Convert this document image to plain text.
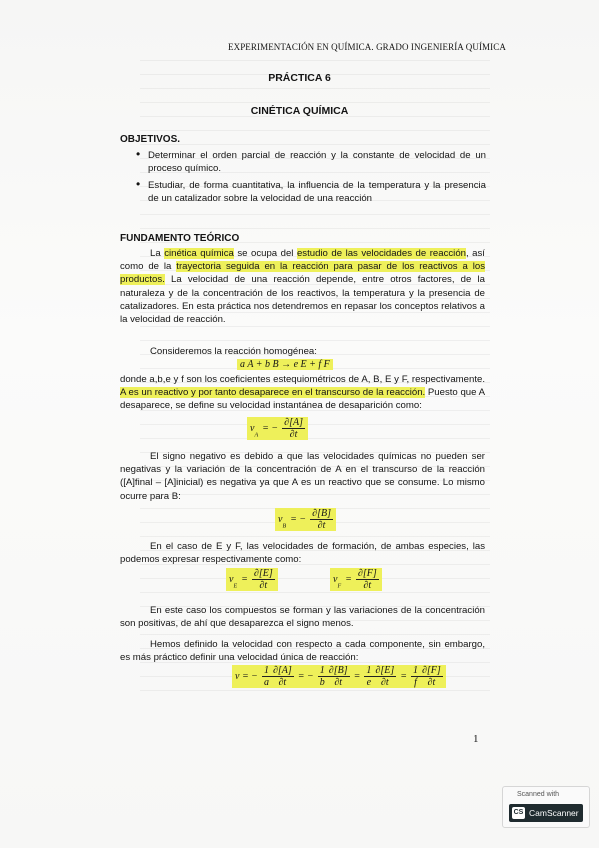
EXPERIMENTACIÓN EN QUÍMICA. GRADO INGENIERÍA QUÍMICA
PRÁCTICA 6
CINÉTICA QUÍMICA
OBJETIVOS.
• Determinar el orden parcial de reacción y la constante de velocidad de un proceso químico.
• Estudiar, de forma cuantitativa, la influencia de la temperatura y la presencia de un catalizador sobre la velocidad de una reacción
FUNDAMENTO TEÓRICO
La cinética química se ocupa del estudio de las velocidades de reacción, así como de la trayectoria seguida en la reacción para pasar de los reactivos a los productos. La velocidad de una reacción depende, entre otros factores, de la naturaleza y de la concentración de los reactivos, la temperatura y la presencia de catalizadores. En esta práctica nos detendremos en repasar los conceptos relativos a la velocidad de reacción.
Consideremos la reacción homogénea:
a A + b B → e E + f F
donde a,b,e y f son los coeficientes estequiométricos de A, B, E y F, respectivamente. A es un reactivo y por tanto desaparece en el transcurso de la reacción. Puesto que A desaparece, se define su velocidad instantánea de desaparición como:
$v_A$ = − $\frac{\partial[A]}{\partial t}$
El signo negativo es debido a que las velocidades químicas no pueden ser negativas y la variación de la concentración de A en el transcurso de la reacción ([A]final – [A]inicial) es negativa ya que A es un reactivo que se consume. Lo mismo ocurre para B:
$v_B$ = − $\frac{\partial[B]}{\partial t}$
En el caso de E y F, las velocidades de formación, de ambas especies, las podemos expresar respectivamente como:
$v_E = \frac{\partial[E]}{\partial t}$	$v_F = \frac{\partial[F]}{\partial t}$
En este caso los compuestos se forman y las variaciones de la concentración son positivas, de ahí que desaparezca el signo menos.
Hemos definido la velocidad con respecto a cada componente, sin embargo, es más práctico definir una velocidad única de reacción:
v = − $\frac{1}{a} \frac{\partial[A]}{\partial t}$ = − $\frac{1}{b} \frac{\partial[B]}{\partial t} = \frac{1}{e} \frac{\partial[E]}{\partial t} = \frac{1}{f} \frac{\partial[F]}{\partial t}$
1
Scanned with
CS CamScanner
